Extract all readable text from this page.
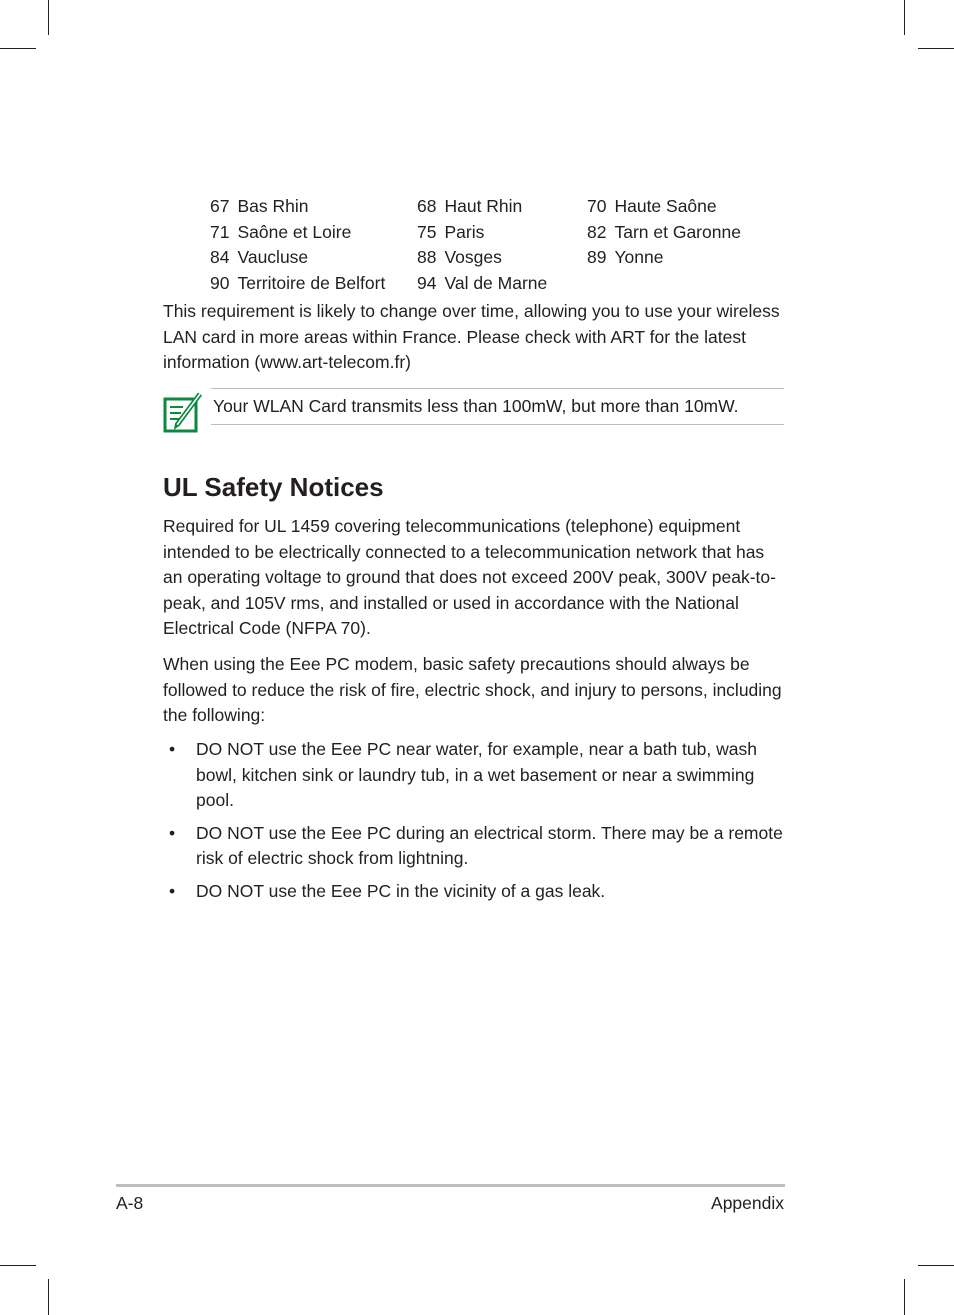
67 Bas Rhin	68 Haut Rhin	70 Haute Saône
71 Saône et Loire	75 Paris	82 Tarn et Garonne
84 Vaucluse	88 Vosges	89 Yonne
90 Territoire de Belfort 94 Val de Marne

This requirement is likely to change over time, allowing you to use your wireless LAN card in more areas within France. Please check with ART for the latest information (www.art-telecom.fr)

Your WLAN Card transmits less than 100mW, but more than 10mW.
UL Safety Notices

Required for UL 1459 covering telecommunications (telephone) equipment intended to be electrically connected to a telecommunication network that has an operating voltage to ground that does not exceed 200V peak, 300V peak-to-peak, and 105V rms, and installed or used in accordance with the National Electrical Code (NFPA 70).

When using the Eee PC modem, basic safety precautions should always be followed to reduce the risk of fire, electric shock, and injury to persons, including the following:

• DO NOT use the Eee PC near water, for example, near a bath tub, wash bowl, kitchen sink or laundry tub, in a wet basement or near a swimming pool.
• DO NOT use the Eee PC during an electrical storm. There may be a remote risk of electric shock from lightning.
• DO NOT use the Eee PC in the vicinity of a gas leak.
A-8	Appendix
